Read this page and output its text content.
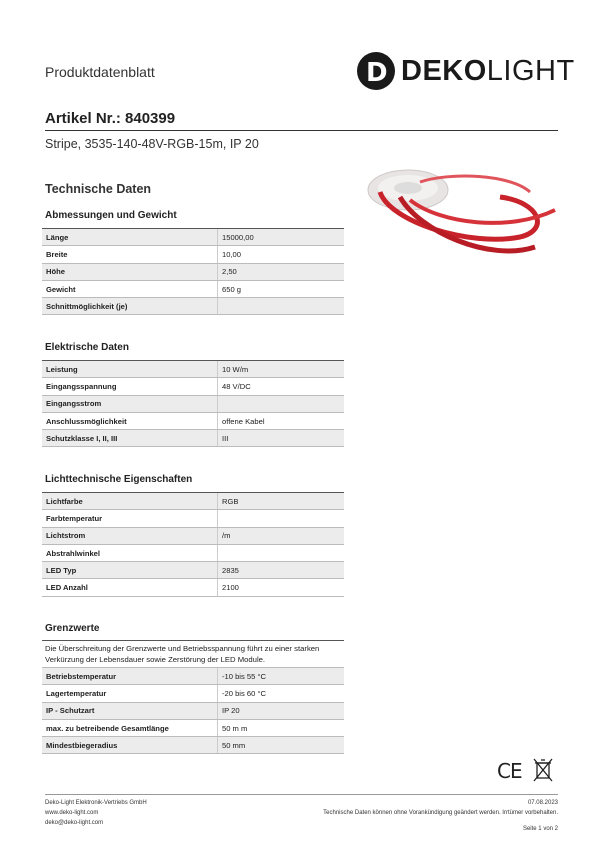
Produktdatenblatt	D DEKOLIGHT
Artikel Nr.: 840399
Stripe, 3535-140-48V-RGB-15m, IP 20
Technische Daten
Abmessungen und Gewicht
Länge	15000,00
Breite	10,00
Höhe	2,50
Gewicht	650 g
Schnittmöglichkeit (je)	
Elektrische Daten
Leistung	10 W/m
Eingangsspannung	48 V/DC
Eingangsstrom	
Anschlussmöglichkeit	offene Kabel
Schutzklasse I, II, III	III
Lichttechnische Eigenschaften
Lichtfarbe	RGB
Farbtemperatur	
Lichtstrom	/m
Abstrahlwinkel	
LED Typ	2835
LED Anzahl	2100
Grenzwerte
Die Überschreitung der Grenzwerte und Betriebsspannung führt zu einer starken Verkürzung der Lebensdauer sowie Zerstörung der LED Module.
Betriebstemperatur	-10 bis 55 °C
Lagertemperatur	-20 bis 60 °C
IP - Schutzart	IP 20
max. zu betreibende Gesamtlänge	50 m m
Mindestbiegeradius	50 mm
CE
Deko-Light Elektronik-Vertriebs GmbH
www.deko-light.com
deko@deko-light.com
07.08.2023
Technische Daten können ohne Vorankündigung geändert werden. Irrtümer vorbehalten.
Seite 1 von 2
